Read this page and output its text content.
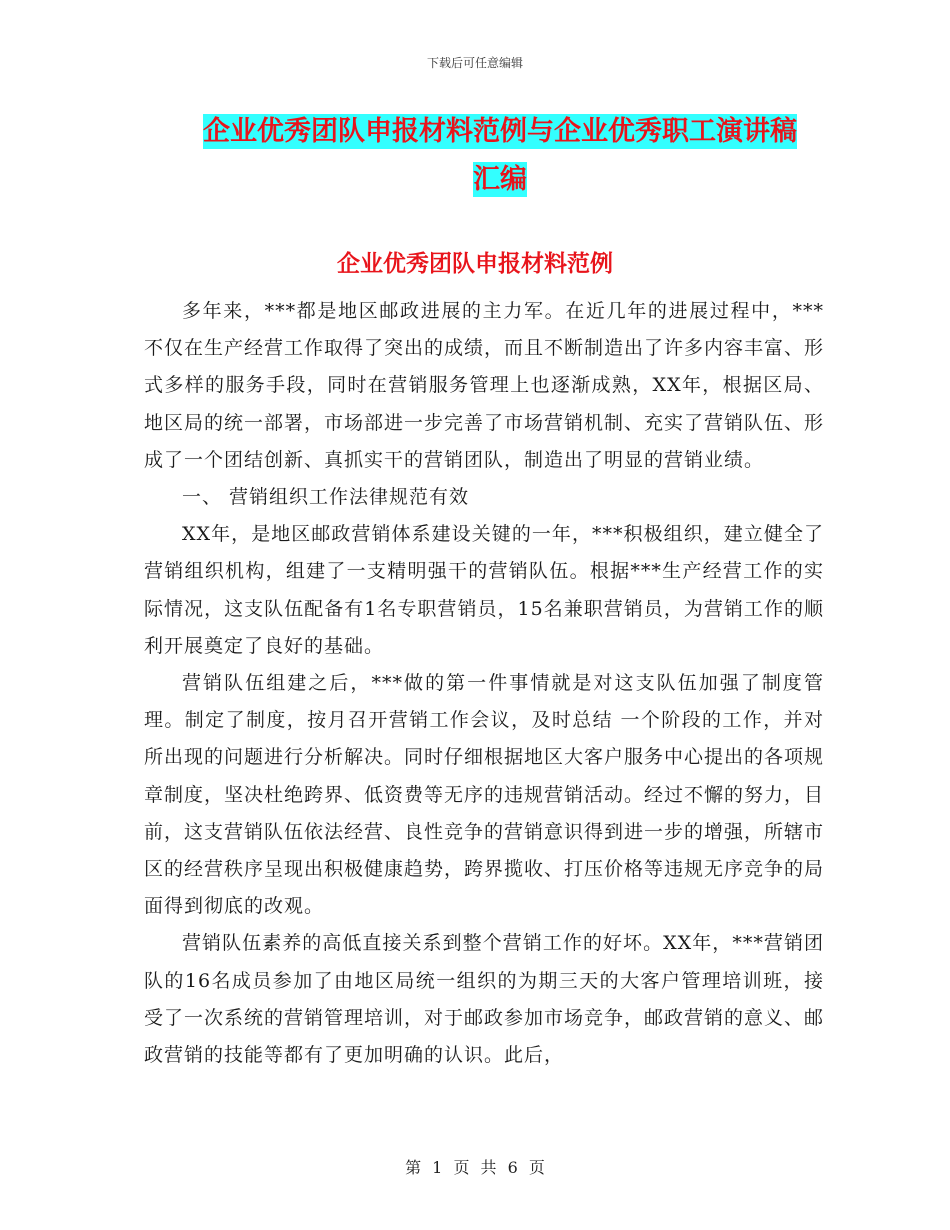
下载后可任意编辑
企业优秀团队申报材料范例与企业优秀职工演讲稿汇编
企业优秀团队申报材料范例

多年来，***都是地区邮政进展的主力军。在近几年的进展过程中，***不仅在生产经营工作取得了突出的成绩，而且不断制造出了许多内容丰富、形式多样的服务手段，同时在营销服务管理上也逐渐成熟，XX年，根据区局、地区局的统一部署，市场部进一步完善了市场营销机制、充实了营销队伍、形成了一个团结创新、真抓实干的营销团队，制造出了明显的营销业绩。

一、 营销组织工作法律规范有效

XX年，是地区邮政营销体系建设关键的一年，***积极组织，建立健全了营销组织机构，组建了一支精明强干的营销队伍。根据***生产经营工作的实际情况，这支队伍配备有1名专职营销员，15名兼职营销员，为营销工作的顺利开展奠定了良好的基础。

营销队伍组建之后，***做的第一件事情就是对这支队伍加强了制度管理。制定了制度，按月召开营销工作会议，及时总结 一个阶段的工作，并对所出现的问题进行分析解决。同时仔细根据地区大客户服务中心提出的各项规章制度，坚决杜绝跨界、低资费等无序的违规营销活动。经过不懈的努力，目前，这支营销队伍依法经营、良性竞争的营销意识得到进一步的增强，所辖市区的经营秩序呈现出积极健康趋势，跨界揽收、打压价格等违规无序竞争的局面得到彻底的改观。

营销队伍素养的高低直接关系到整个营销工作的好坏。XX年，***营销团队的16名成员参加了由地区局统一组织的为期三天的大客户管理培训班，接受了一次系统的营销管理培训，对于邮政参加市场竞争，邮政营销的意义、邮政营销的技能等都有了更加明确的认识。此后，

第 1 页 共 6 页
